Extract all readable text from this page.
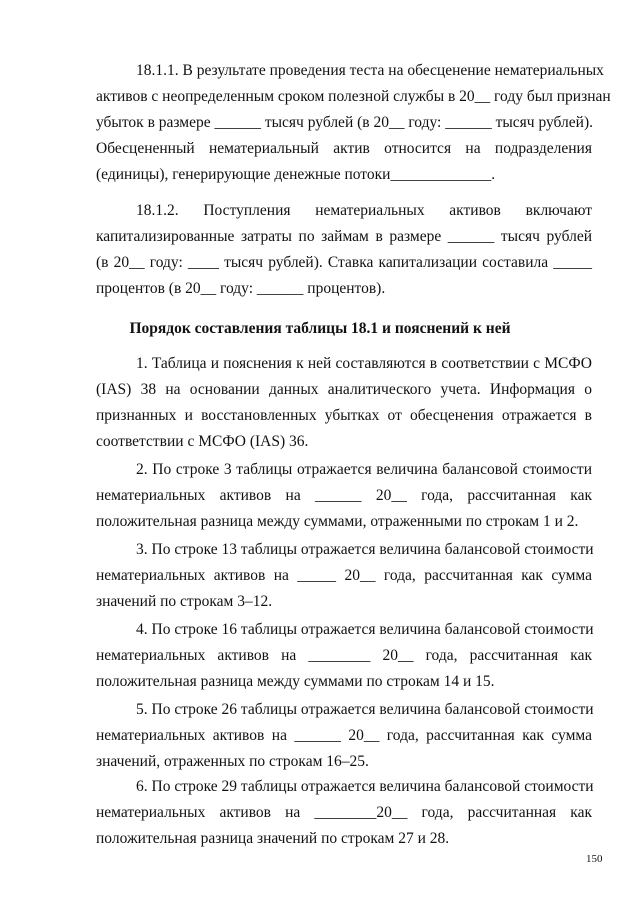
18.1.1. В результате проведения теста на обесценение нематериальных
активов с неопределенным сроком полезной службы в 20__ году был признан
убыток в размере ______ тысяч рублей (в 20__ году: ______ тысяч рублей).
Обесцененный нематериальный актив относится на подразделения
(единицы), генерирующие денежные потоки_____________.
18.1.2. Поступления нематериальных активов включают
капитализированные затраты по займам в размере ______ тысяч рублей
(в 20__ году: ____ тысяч рублей). Ставка капитализации составила _____
процентов (в 20__ году: ______ процентов).
Порядок составления таблицы 18.1 и пояснений к ней
1. Таблица и пояснения к ней составляются в соответствии с МСФО
(IAS) 38 на основании данных аналитического учета. Информация о
признанных и восстановленных убытках от обесценения отражается в
соответствии с МСФО (IAS) 36.
2. По строке 3 таблицы отражается величина балансовой стоимости
нематериальных активов на ______ 20__ года, рассчитанная как
положительная разница между суммами, отраженными по строкам 1 и 2.
3. По строке 13 таблицы отражается величина балансовой стоимости
нематериальных активов на _____ 20__ года, рассчитанная как сумма
значений по строкам 3–12.
4. По строке 16 таблицы отражается величина балансовой стоимости
нематериальных активов на ________ 20__ года, рассчитанная как
положительная разница между суммами по строкам 14 и 15.
5. По строке 26 таблицы отражается величина балансовой стоимости
нематериальных активов на ______ 20__ года, рассчитанная как сумма
значений, отраженных по строкам 16–25.
6. По строке 29 таблицы отражается величина балансовой стоимости
нематериальных активов на ________20__ года, рассчитанная как
положительная разница значений по строкам 27 и 28.
150
